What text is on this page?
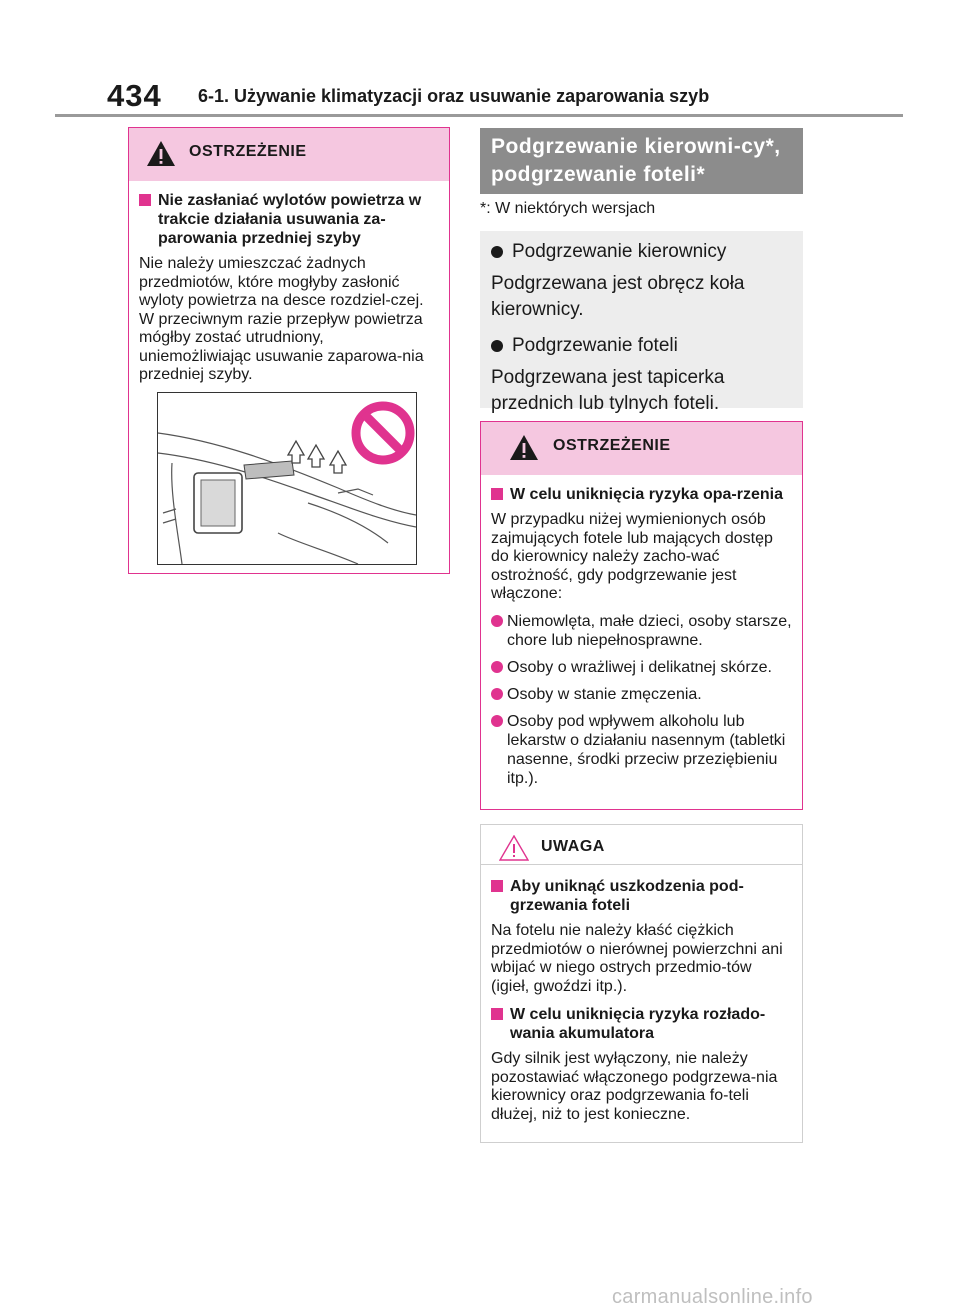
434 6-1. Używanie klimatyzacji oraz usuwanie zaparowania szyb
OSTRZEŻENIE
Nie zasłaniać wylotów powietrza w trakcie działania usuwania za-parowania przedniej szyby
Nie należy umieszczać żadnych przedmiotów, które mogłyby zasłonić wyloty powietrza na desce rozdziel-czej. W przeciwnym razie przepływ powietrza mógłby zostać utrudniony, uniemożliwiając usuwanie zaparowa-nia przedniej szyby.
Podgrzewanie kierowni-cy*, podgrzewanie foteli*
*: W niektórych wersjach
Podgrzewanie kierownicy
Podgrzewana jest obręcz koła kierownicy.
Podgrzewanie foteli
Podgrzewana jest tapicerka przednich lub tylnych foteli.
OSTRZEŻENIE
W celu uniknięcia ryzyka opa-rzenia
W przypadku niżej wymienionych osób zajmujących fotele lub mających dostęp do kierownicy należy zacho-wać ostrożność, gdy podgrzewanie jest włączone:
Niemowlęta, małe dzieci, osoby starsze, chore lub niepełnosprawne.
Osoby o wrażliwej i delikatnej skórze.
Osoby w stanie zmęczenia.
Osoby pod wpływem alkoholu lub lekarstw o działaniu nasennym (tabletki nasenne, środki przeciw przeziębieniu itp.).
UWAGA
Aby uniknąć uszkodzenia pod-grzewania foteli
Na fotelu nie należy kłaść ciężkich przedmiotów o nierównej powierzchni ani wbijać w niego ostrych przedmio-tów (igieł, gwoździ itp.).
W celu uniknięcia ryzyka rozłado-wania akumulatora
Gdy silnik jest wyłączony, nie należy pozostawiać włączonego podgrzewa-nia kierownicy oraz podgrzewania fo-teli dłużej, niż to jest konieczne.
carmanualsonline.info
